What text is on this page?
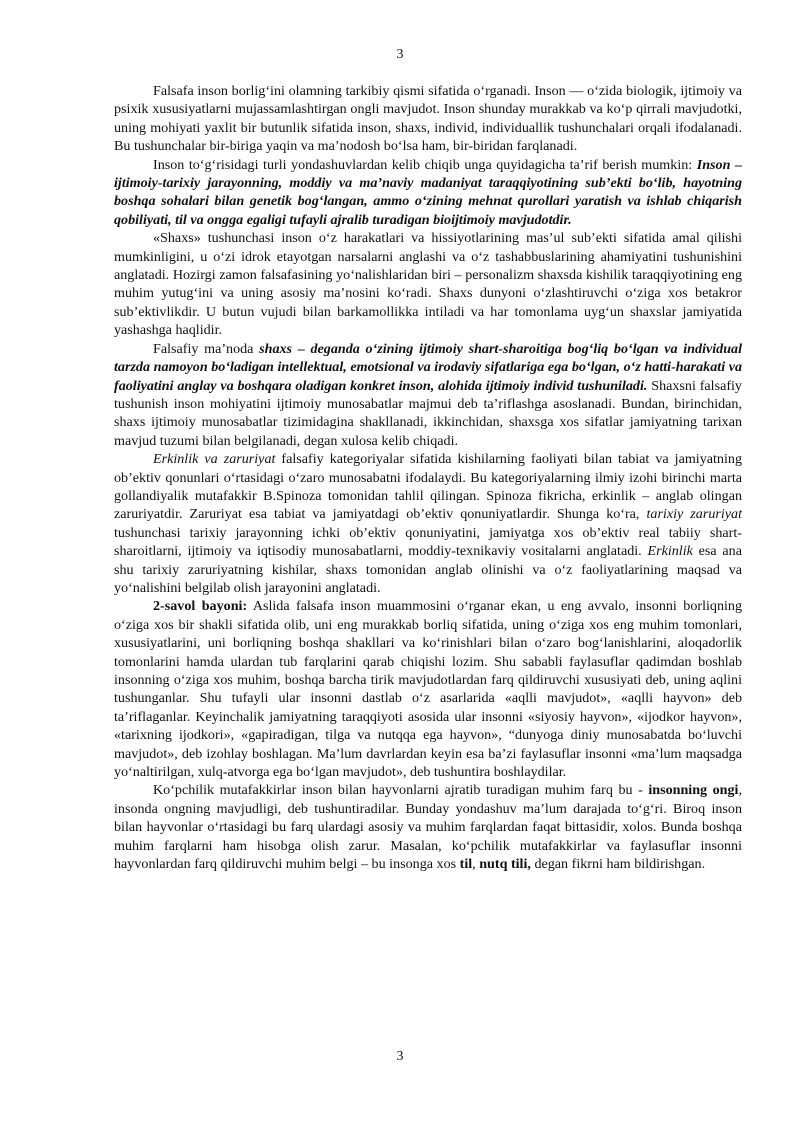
3

Falsafa inson borligʻini olamning tarkibiy qismi sifatida oʻrganadi. Inson — oʻzida biologik, ijtimoiy va psixik xususiyatlarni mujassamlashtirgan ongli mavjudot. Inson shunday murakkab va koʻp qirrali mavjudotki, uning mohiyati yaxlit bir butunlik sifatida inson, shaxs, individ, individuallik tushunchalari orqali ifodalanadi. Bu tushunchalar bir-biriga yaqin va maʼnodosh boʻlsa ham, bir-biridan farqlanadi.

Inson toʻgʻrisidagi turli yondashuvlardan kelib chiqib unga quyidagicha taʼrif berish mumkin: Inson – ijtimoiy-tarixiy jarayonning, moddiy va maʼnaviy madaniyat taraqqiyotining subʼekti boʻlib, hayotning boshqa sohalari bilan genetik bogʻlangan, ammo oʻzining mehnat qurollari yaratish va ishlab chiqarish qobiliyati, til va ongga egaligi tufayli ajralib turadigan bioijtimoiy mavjudotdir.

«Shaxs» tushunchasi inson oʻz harakatlari va hissiyotlarining masʼul subʼekti sifatida amal qilishi mumkinligini, u oʻzi idrok etayotgan narsalarni anglashi va oʻz tashabbuslarining ahamiyatini tushunishini anglatadi. Hozirgi zamon falsafasining yoʻnalishlaridan biri – personalizm shaxsda kishilik taraqqiyotining eng muhim yutugʻini va uning asosiy maʼnosini koʻradi. Shaxs dunyoni oʻzlashtiruvchi oʻziga xos betakror subʼektivlikdir. U butun vujudi bilan barkamollikka intiladi va har tomonlama uygʻun shaxslar jamiyatida yashashga haqlidir.

Falsafiy maʼnoda shaxs – deganda oʻzining ijtimoiy shart-sharoitiga bogʻliq boʻlgan va individual tarzda namoyon boʻladigan intellektual, emotsional va irodaviy sifatlariga ega boʻlgan, oʻz hatti-harakati va faoliyatini anglay va boshqara oladigan konkret inson, alohida ijtimoiy individ tushuniladi. Shaxsni falsafiy tushunish inson mohiyatini ijtimoiy munosabatlar majmui deb taʼriflashga asoslanadi. Bundan, birinchidan, shaxs ijtimoiy munosabatlar tizimidagina shakllanadi, ikkinchidan, shaxsga xos sifatlar jamiyatning tarixan mavjud tuzumi bilan belgilanadi, degan xulosa kelib chiqadi.

Erkinlik va zaruriyat falsafiy kategoriyalar sifatida kishilarning faoliyati bilan tabiat va jamiyatning obʼektiv qonunlari oʻrtasidagi oʻzaro munosabatni ifodalaydi. Bu kategoriyalarning ilmiy izohi birinchi marta gollandiyalik mutafakkir B.Spinoza tomonidan tahlil qilingan. Spinoza fikricha, erkinlik – anglab olingan zaruriyatdir. Zaruriyat esa tabiat va jamiyatdagi obʼektiv qonuniyatlardir. Shunga koʻra, tarixiy zaruriyat tushunchasi tarixiy jarayonning ichki obʼektiv qonuniyatini, jamiyatga xos obʼektiv real tabiiy shart-sharoitlarni, ijtimoiy va iqtisodiy munosabatlarni, moddiy-texnikaviy vositalarni anglatadi. Erkinlik esa ana shu tarixiy zaruriyatning kishilar, shaxs tomonidan anglab olinishi va oʻz faoliyatlarining maqsad va yoʻnalishini belgilab olish jarayonini anglatadi.

2-savol bayoni: Aslida falsafa inson muammosini oʻrganar ekan, u eng avvalo, insonni borliqning oʻziga xos bir shakli sifatida olib, uni eng murakkab borliq sifatida, uning oʻziga xos eng muhim tomonlari, xususiyatlarini, uni borliqning boshqa shakllari va koʻrinishlari bilan oʻzaro bogʻlanishlarini, aloqadorlik tomonlarini hamda ulardan tub farqlarini qarab chiqishi lozim. Shu sababli faylasuflar qadimdan boshlab insonning oʻziga xos muhim, boshqa barcha tirik mavjudotlardan farq qildiruvchi xususiyati deb, uning aqlini tushunganlar. Shu tufayli ular insonni dastlab oʻz asarlarida «aqlli mavjudot», «aqlli hayvon» deb taʼriflaganlar. Keyinchalik jamiyatning taraqqiyoti asosida ular insonni «siyosiy hayvon», «ijodkor hayvon», «tarixning ijodkori», «gapiradigan, tilga va nutqqa ega hayvon», “dunyoga diniy munosabatda boʻluvchi mavjudot», deb izohlay boshlagan. Maʼlum davrlardan keyin esa baʼzi faylasuflar insonni «maʼlum maqsadga yoʻnaltirilgan, xulq-atvorga ega boʻlgan mavjudot», deb tushuntira boshlaydilar.

Koʻpchilik mutafakkirlar inson bilan hayvonlarni ajratib turadigan muhim farq bu - insonning ongi, insonda ongning mavjudligi, deb tushuntiradilar. Bunday yondashuv maʼlum darajada toʻgʻri. Biroq inson bilan hayvonlar oʻrtasidagi bu farq ulardagi asosiy va muhim farqlardan faqat bittasidir, xolos. Bunda boshqa muhim farqlarni ham hisobga olish zarur. Masalan, koʻpchilik mutafakkirlar va faylasuflar insonni hayvonlardan farq qildiruvchi muhim belgi – bu insonga xos til, nutq tili, degan fikrni ham bildirishgan.

3
